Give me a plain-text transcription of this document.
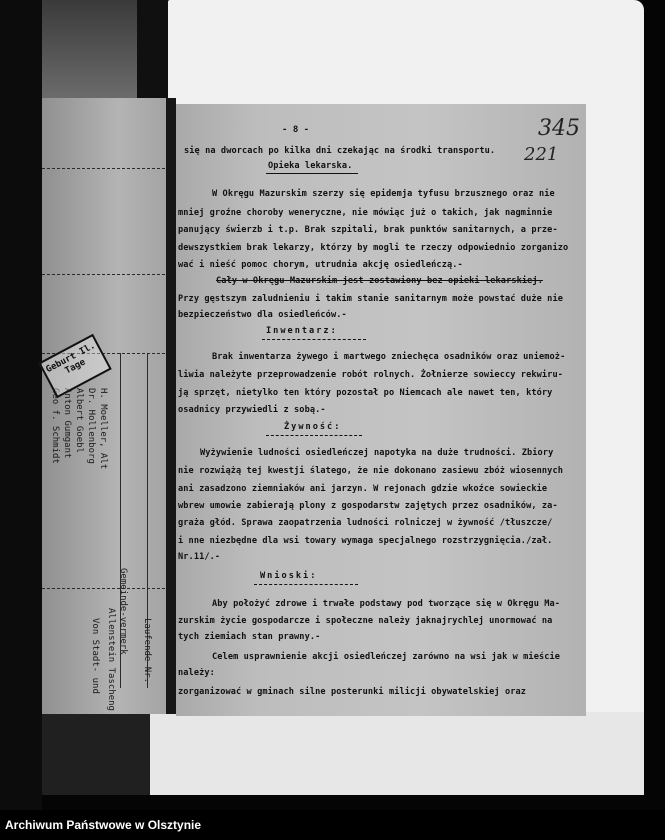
Gemeinde-vermerk
H. Moeller, Alt
Dr. Hollenborg
Albert Goebl
Anton Gumgant
Geo f. Schmidt
Allenstein Tascheng
Von Stadt- und	Laufende Nr.
Geburt Il. Tage
- 8 -	345
221
się na dworcach po kilka dni czekając na środki transportu.
Opieka lekarska.
W Okręgu Mazurskim szerzy się epidemja tyfusu brzusznego oraz nie
mniej groźne choroby weneryczne, nie mówiąc już o takich, jak nagminnie
panujący świerzb i t.p. Brak szpitali, brak punktów sanitarnych, a prze-
dewszystkiem brak lekarzy, którzy by mogli te rzeczy odpowiednio zorganizo
wać i nieść pomoc chorym, utrudnia akcję osiedleńczą.-
Cały w Okręgu Mazurskim jest zostawiony bez opieki lekarskiej.
Przy gęstszym zaludnieniu i takim stanie sanitarnym może powstać duże nie
bezpieczeństwo dla osiedleńców.-
Inwentarz:
Brak inwentarza żywego i martwego zniechęca osadników oraz uniemoż-
liwia należyte przeprowadzenie robót rolnych. Żołnierze sowieccy rekwiru-
ją sprzęt, nietylko ten który pozostał po Niemcach ale nawet ten, który
osadnicy przywiedli z sobą.-
Żywność:
Wyżywienie ludności osiedleńczej napotyka na duże trudności. Zbiory
nie rozwiążą tej kwestji ślatego, że nie dokonano zasiewu zbóż wiosennych
ani zasadzono ziemniaków ani jarzyn. W rejonach gdzie wkoźce sowieckie
wbrew umowie zabierają plony z gospodarstw zajętych przez osadników, za-
graża głód. Sprawa zaopatrzenia ludności rolniczej w żywność /tłuszcze/
i nne niezbędne dla wsi towary wymaga specjalnego rozstrzygnięcia./zał.
Nr.11/.-
Wnioski:
Aby położyć zdrowe i trwałe podstawy pod tworzące się w Okręgu Ma-
zurskim życie gospodarcze i społeczne należy jaknajrychlej unormować na
tych ziemiach stan prawny.-
Celem usprawnienie akcji osiedleńczej zarówno na wsi jak w mieście
należy:
zorganizować w gminach silne posterunki milicji obywatelskiej oraz
Archiwum Państwowe w Olsztynie
